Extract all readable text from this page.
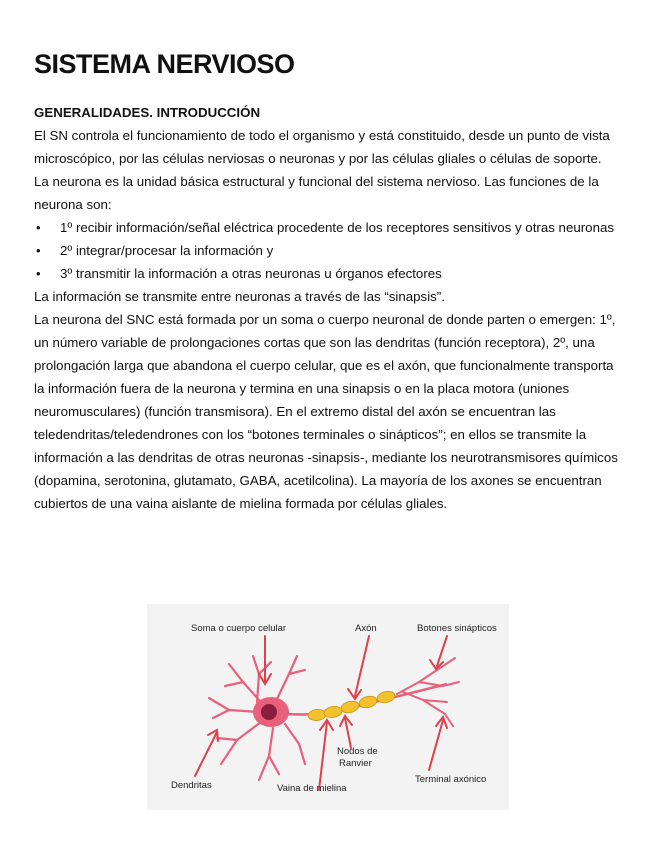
SISTEMA NERVIOSO
GENERALIDADES. INTRODUCCIÓN

El SN controla el funcionamiento de todo el organismo y está constituido, desde un punto de vista microscópico, por las células nerviosas o neuronas y por las células gliales o células de soporte.

La neurona es la unidad básica estructural y funcional del sistema nervioso. Las funciones de la neurona son:

• 1º recibir información/señal eléctrica procedente de los receptores sensitivos y otras neuronas
• 2º integrar/procesar la información y
• 3º transmitir la información a otras neuronas u órganos efectores

La información se transmite entre neuronas a través de las “sinapsis”.

La neurona del SNC está formada por un soma o cuerpo neuronal de donde parten o emergen: 1º, un número variable de prolongaciones cortas que son las dendritas (función receptora), 2º, una prolongación larga que abandona el cuerpo celular, que es el axón, que funcionalmente transporta la información fuera de la neurona y termina en una sinapsis o en la placa motora (uniones neuromusculares) (función transmisora). En el extremo distal del axón se encuentran las teledendritas/teledendrones con los “botones terminales o sinápticos”; en ellos se transmite la información a las dendritas de otras neuronas -sinapsis-, mediante los neurotransmisores químicos (dopamina, serotonina, glutamato, GABA, acetilcolina). La mayoría de los axones se encuentran cubiertos de una vaina aislante de mielina formada por células gliales.

Soma o cuerpo celular	Axón	Botones sinápticos
Nodos de
Ranvier
Dendritas	Vaina de mielina
Terminal axónico
